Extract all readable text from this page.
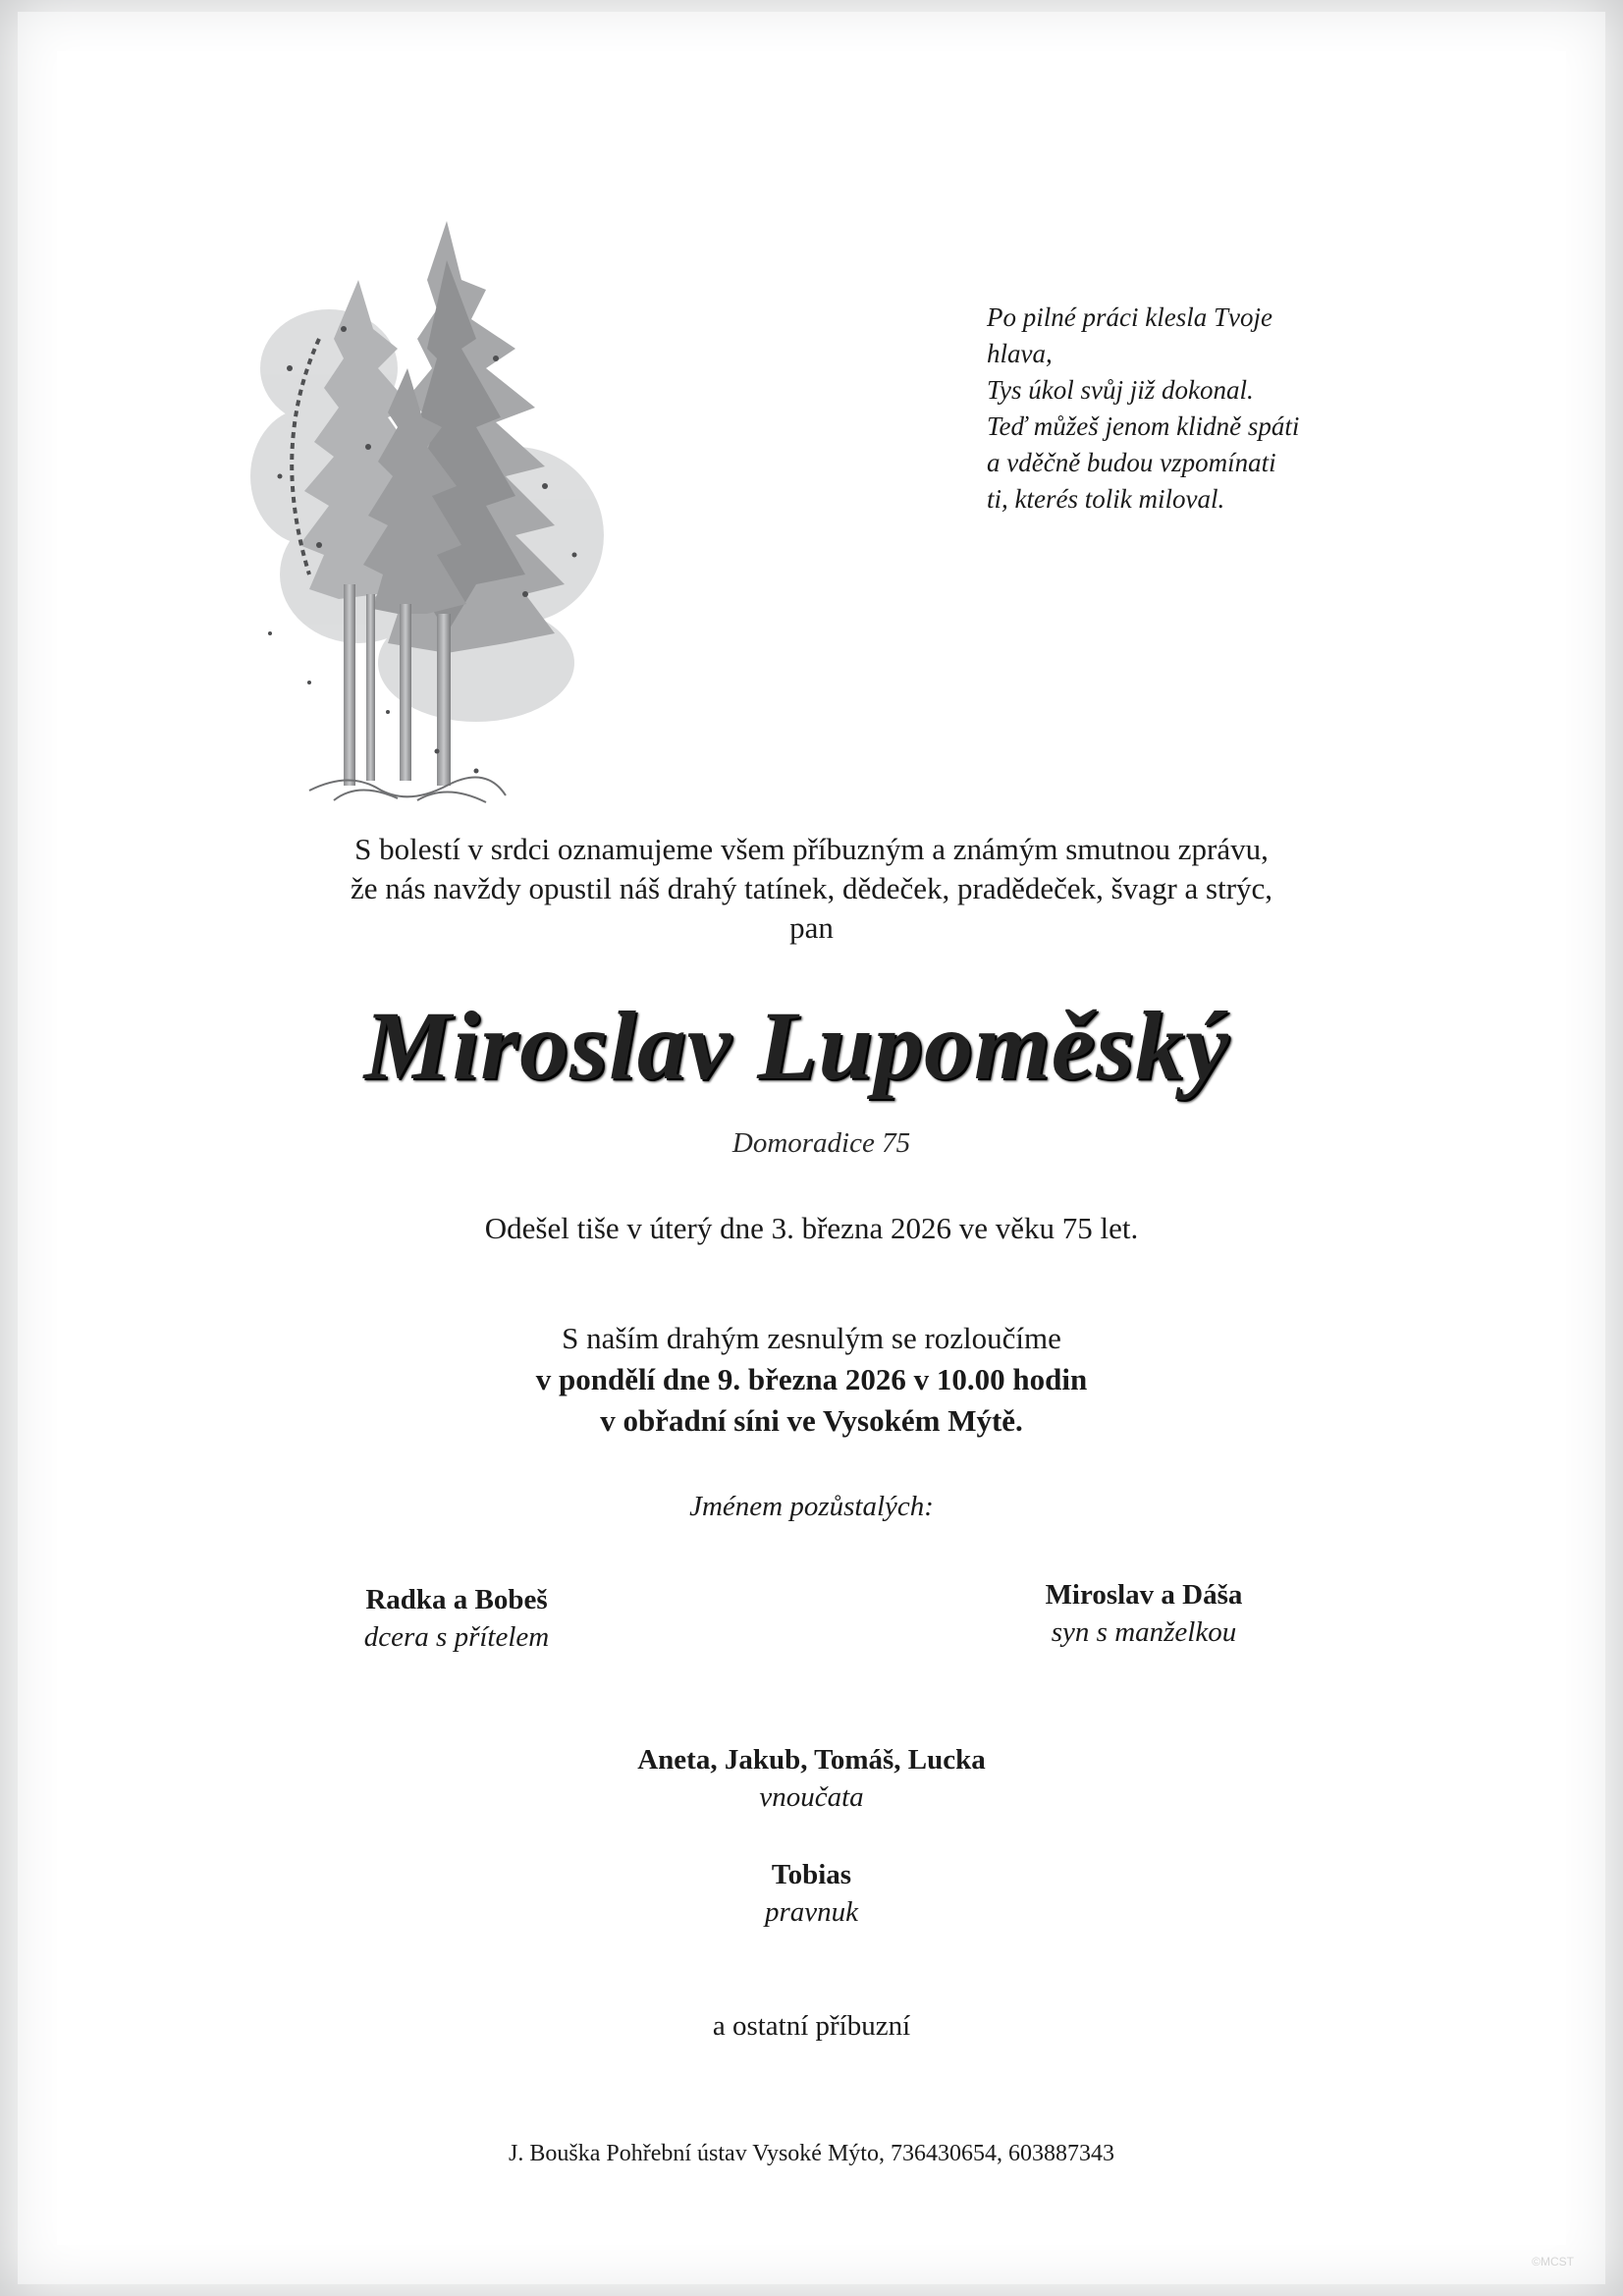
Po pilné práci klesla Tvoje
hlava,
Tys úkol svůj již dokonal.
Teď můžeš jenom klidně spáti
a vděčně budou vzpomínati
ti, kterés tolik miloval.
S bolestí v srdci oznamujeme všem příbuzným a známým smutnou zprávu,
že nás navždy opustil náš drahý tatínek, dědeček, pradědeček, švagr a strýc,
pan
Miroslav Lupoměský
Domoradice 75
Odešel tiše v úterý dne 3. března 2026 ve věku 75 let.
S naším drahým zesnulým se rozloučíme
v pondělí dne 9. března 2026 v 10.00 hodin
v obřadní síni ve Vysokém Mýtě.
Jménem pozůstalých:
Radka a Bobeš
dcera s přítelem
Miroslav a Dáša
syn s manželkou
Aneta, Jakub, Tomáš, Lucka
vnoučata
Tobias
pravnuk
a ostatní příbuzní
J. Bouška Pohřební ústav Vysoké Mýto, 736430654, 603887343
©MCST
